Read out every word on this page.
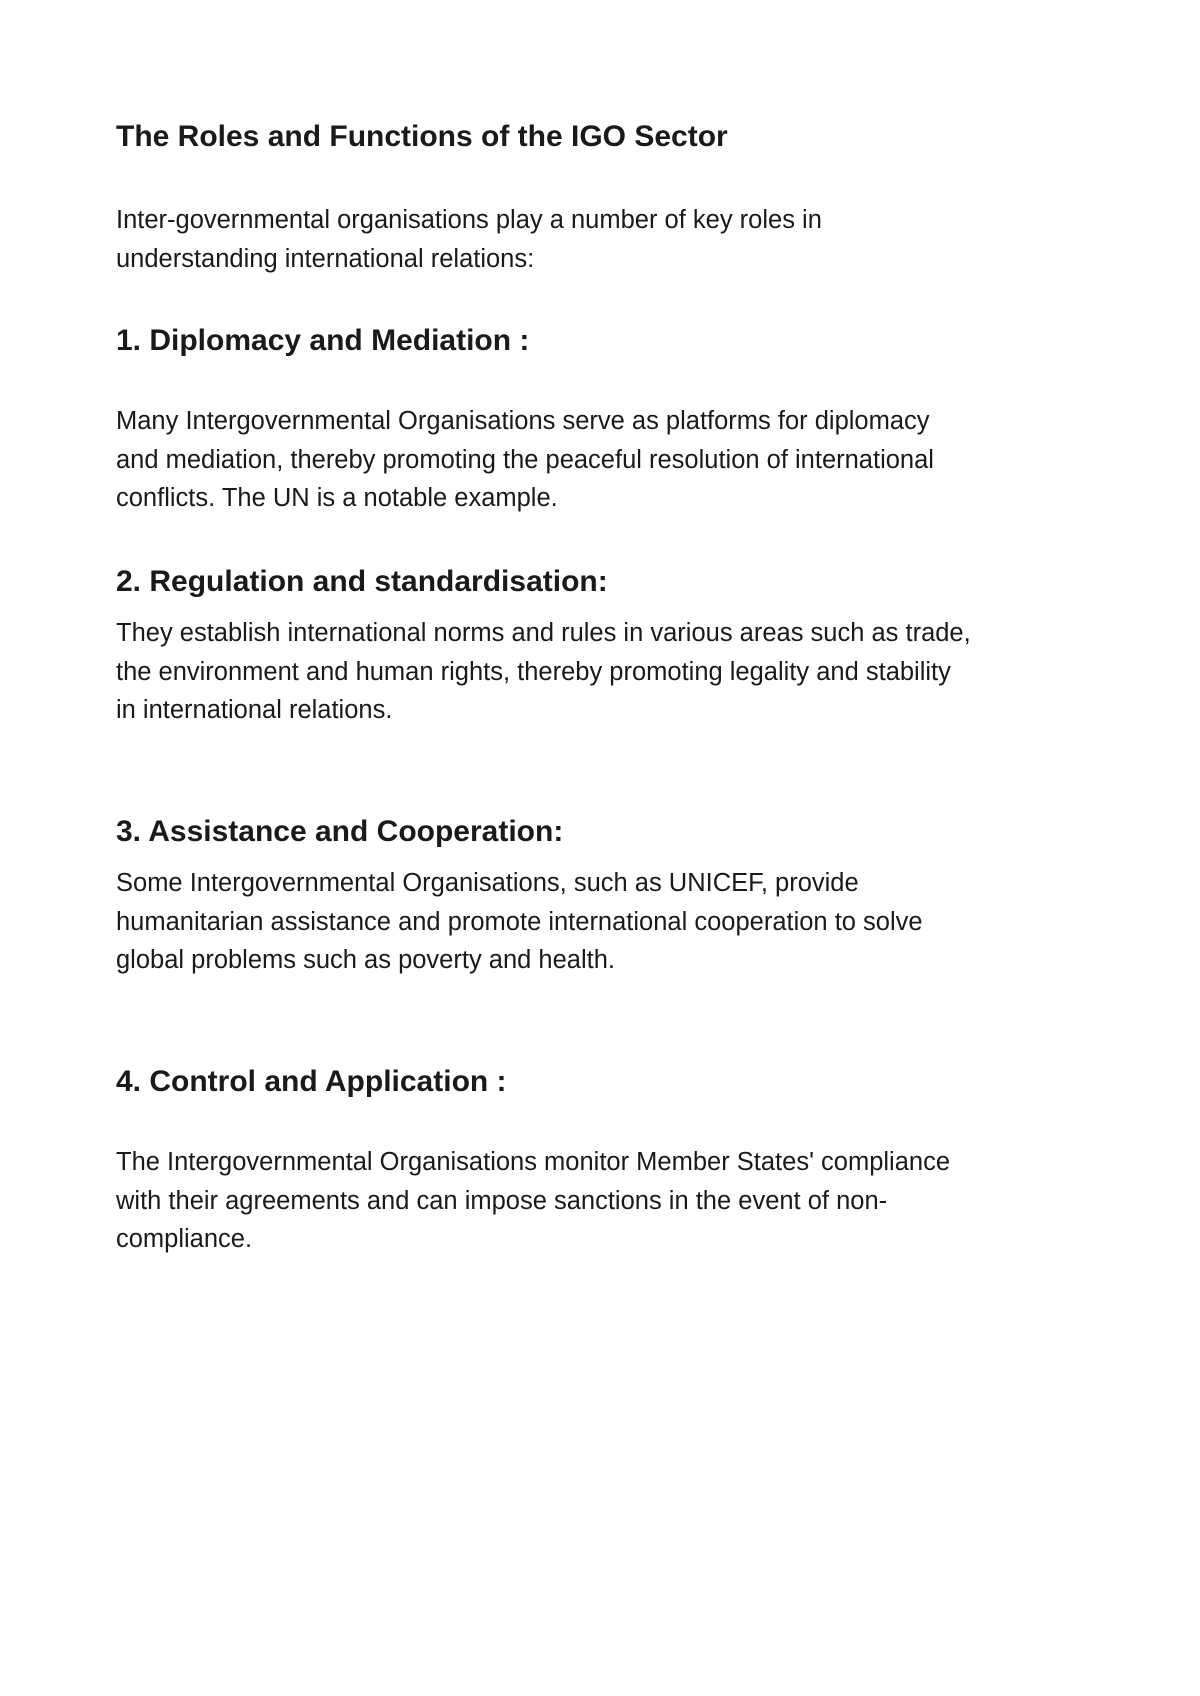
The Roles and Functions of the IGO Sector

Inter-governmental organisations play a number of key roles in
understanding international relations:

1. Diplomacy and Mediation :

Many Intergovernmental Organisations serve as platforms for diplomacy
and mediation, thereby promoting the peaceful resolution of international
conflicts. The UN is a notable example.

2. Regulation and standardisation:

They establish international norms and rules in various areas such as trade,
the environment and human rights, thereby promoting legality and stability
in international relations.

3. Assistance and Cooperation:

Some Intergovernmental Organisations, such as UNICEF, provide
humanitarian assistance and promote international cooperation to solve
global problems such as poverty and health.

4. Control and Application :

The Intergovernmental Organisations monitor Member States' compliance
with their agreements and can impose sanctions in the event of non-
compliance.
